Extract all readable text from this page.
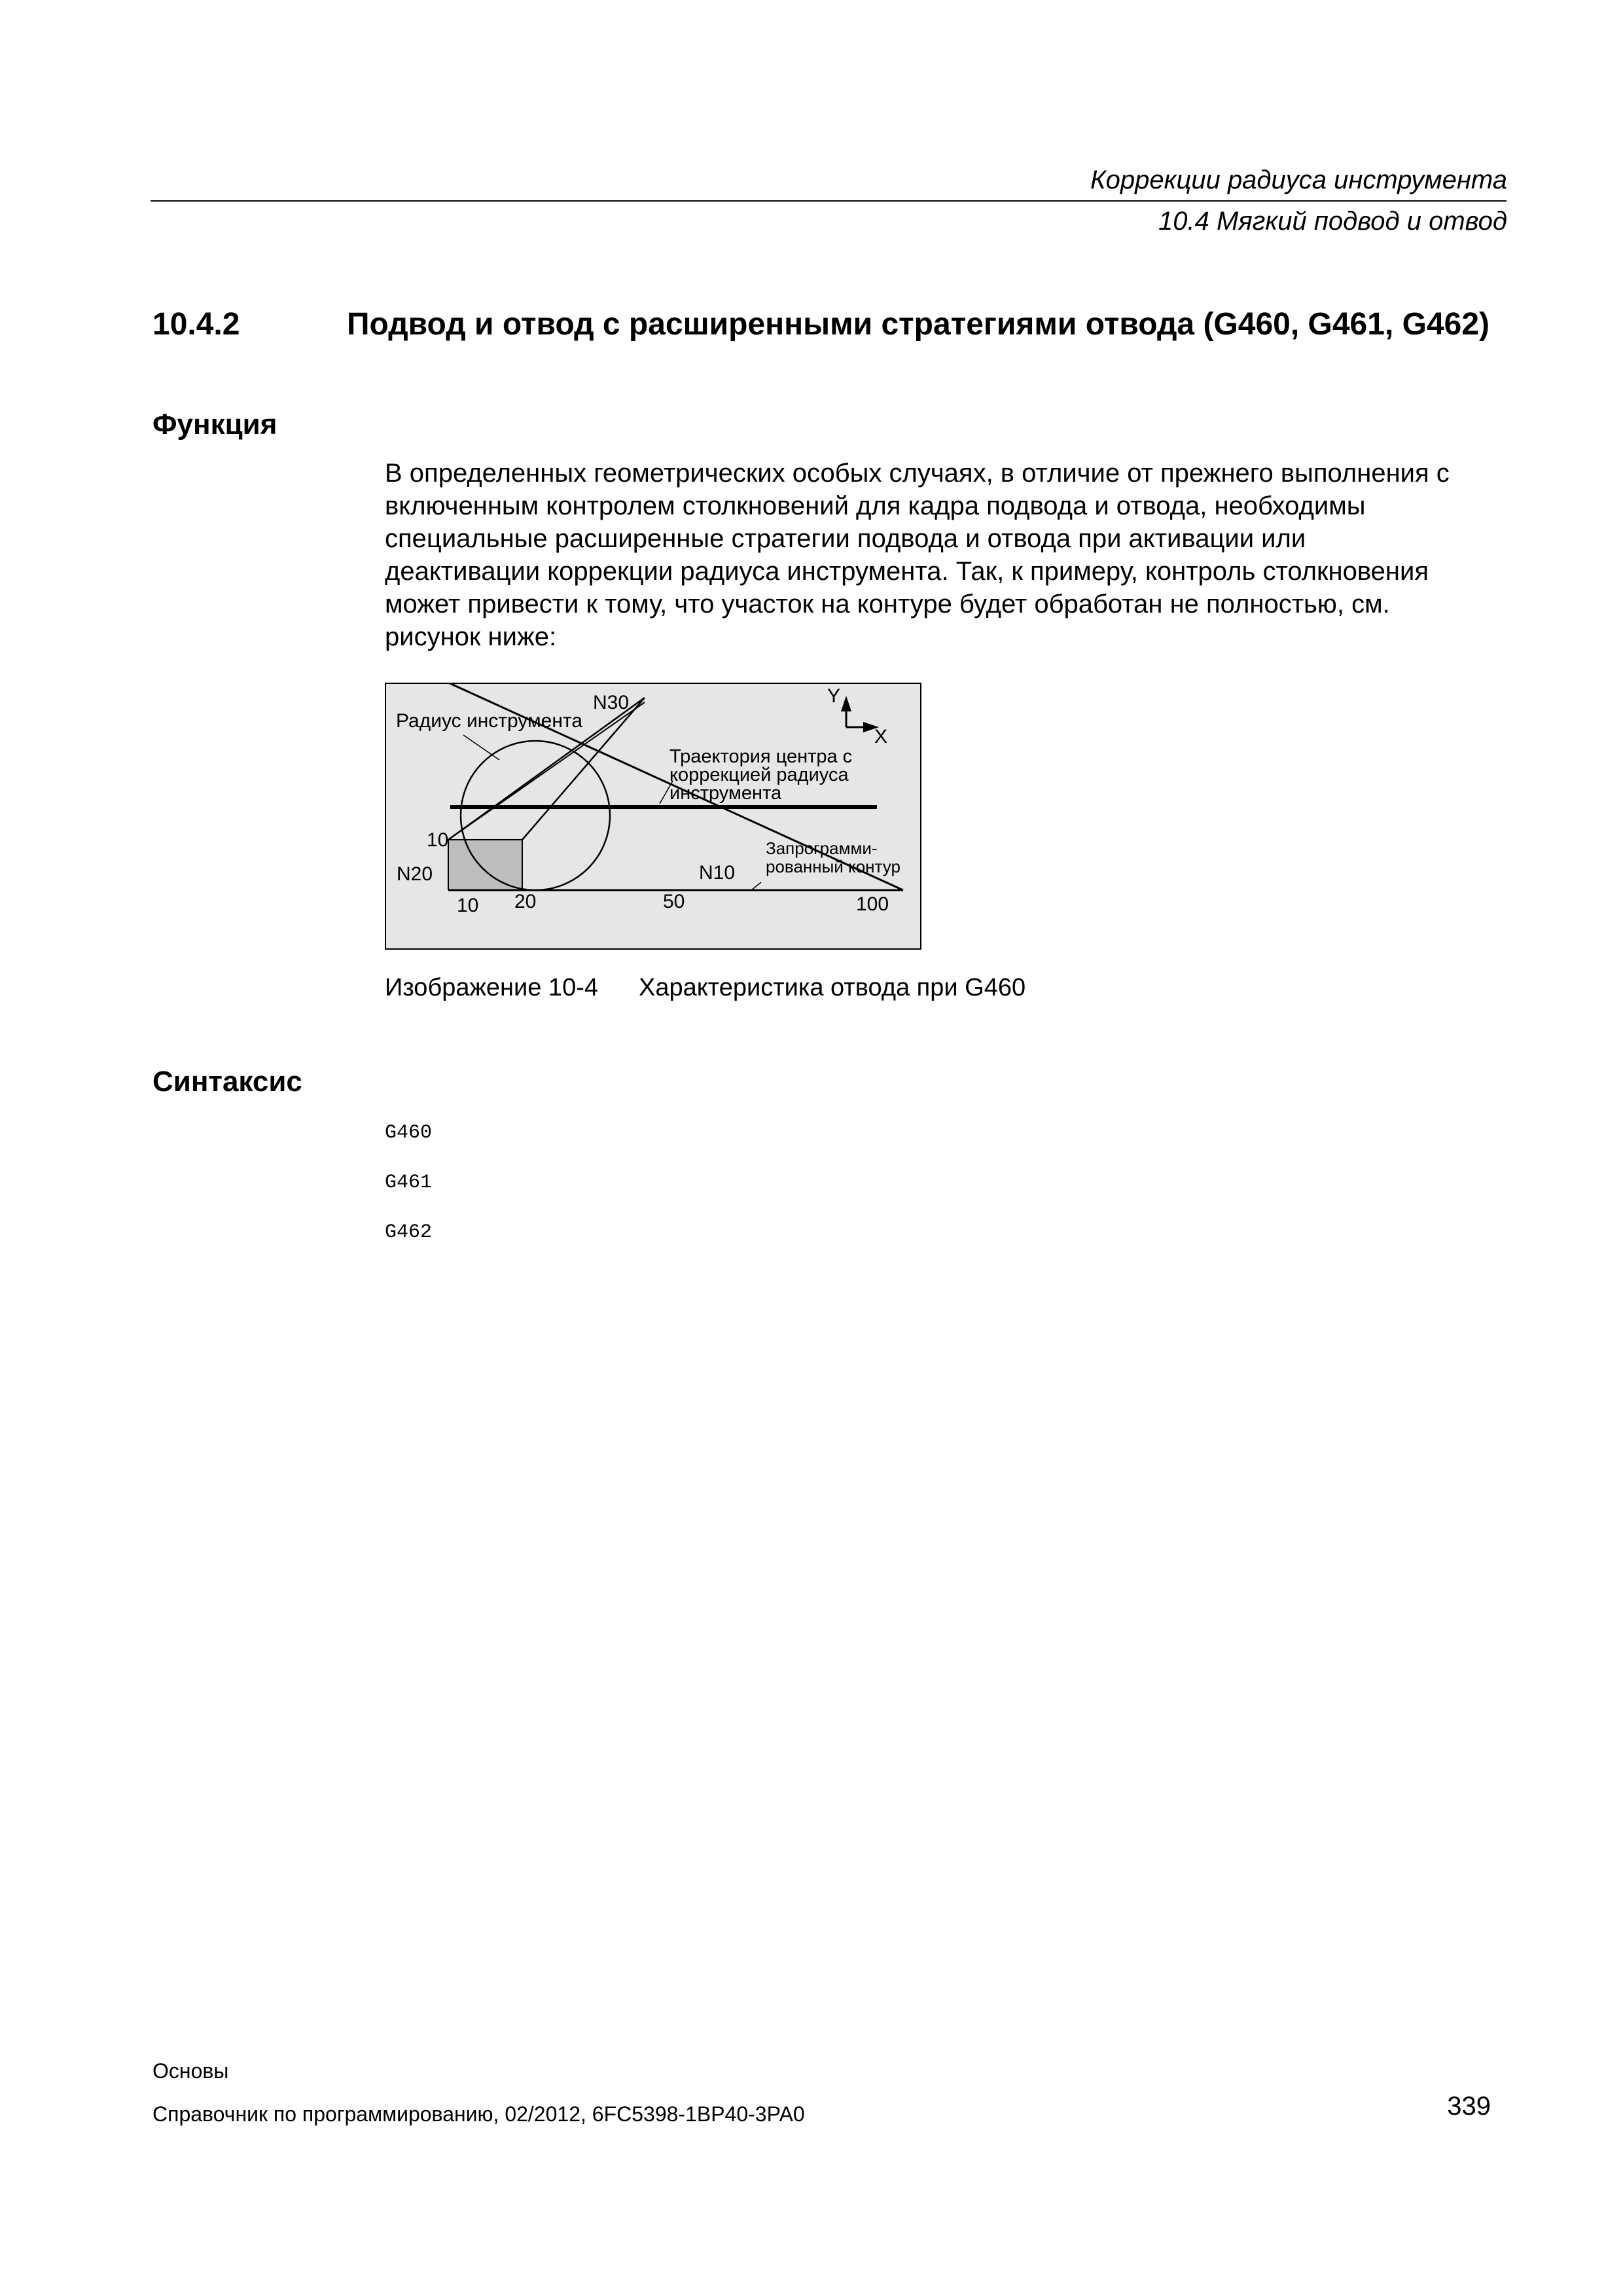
Коррекции радиуса инструмента
10.4 Мягкий подвод и отвод
10.4.2	Подвод и отвод с расширенными стратегиями отвода (G460, G461, G462)
Функция

В определенных геометрических особых случаях, в отличие от прежнего выполнения с

включенным контролем столкновений для кадра подвода и отвода, необходимы

специальные расширенные стратегии подвода и отвода при активации или

деактивации коррекции радиуса инструмента. Так, к примеру, контроль столкновения

может привести к тому, что участок на контуре будет обработан не полностью, см.

рисунок ниже:

N30
Радиус инструмента
Y
X
Траектория центра с
коррекцией радиуса
инструмента
Запрограмми-
рованный контур
10
N20	N10
10 20	50	100
Изображение 10-4 Характеристика отвода при G460
Синтаксис
G460
G461
G462
Основы
Справочник по программированию, 02/2012, 6FC5398-1BP40-3PA0	339
